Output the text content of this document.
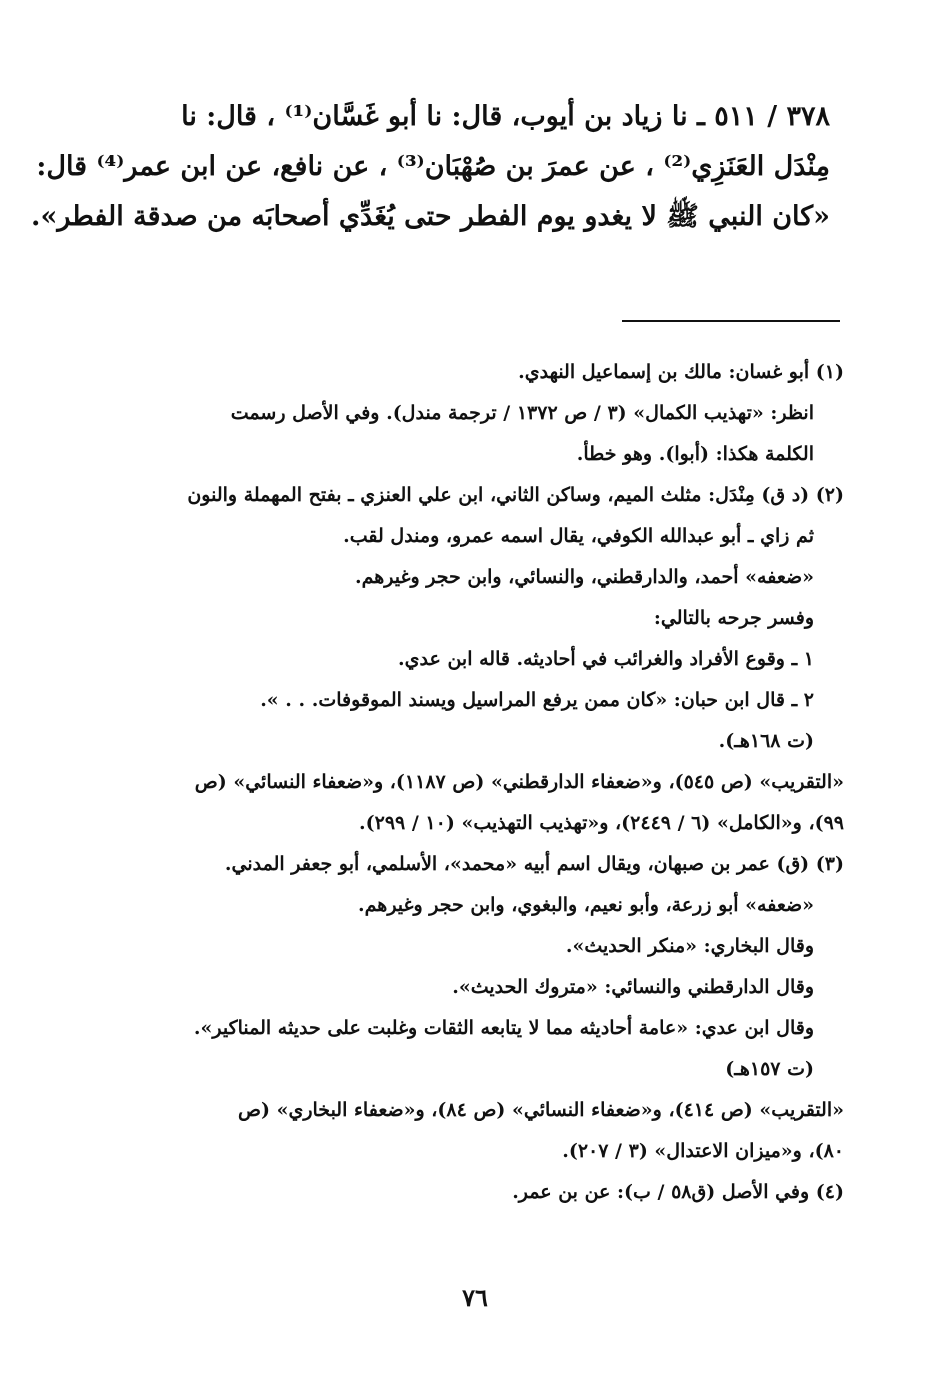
٣٧٨ / ٥١١ ـ نا زياد بن أيوب، قال: نا أبو غَسَّان⁽¹⁾ ، قال: نا
مِنْدَل العَنَزِي⁽²⁾ ، عن عمرَ بن صُهْبَان⁽³⁾ ، عن نافع، عن ابن عمر⁽⁴⁾ قال:
«كان النبي ﷺ لا يغدو يوم الفطر حتى يُغَدِّي أصحابَه من صدقة الفطر».
(١) أبو غسان: مالك بن إسماعيل النهدي.
انظر: «تهذيب الكمال» (٣ / ص ١٣٧٢ / ترجمة مندل). وفي الأصل رسمت
الكلمة هكذا: (أبوا). وهو خطأ.
(٢) (د ق) مِنْدَل: مثلث الميم، وساكن الثاني، ابن علي العنزي ـ بفتح المهملة والنون
ثم زاي ـ أبو عبدالله الكوفي، يقال اسمه عمرو، ومندل لقب.
«ضعفه» أحمد، والدارقطني، والنسائي، وابن حجر وغيرهم.
وفسر جرحه بالتالي:
١ ـ وقوع الأفراد والغرائب في أحاديثه. قاله ابن عدي.
٢ ـ قال ابن حبان: «كان ممن يرفع المراسيل ويسند الموقوفات. . . ».
(ت ١٦٨هـ).
«التقريب» (ص ٥٤٥)، و«ضعفاء الدارقطني» (ص ١١٨٧)، و«ضعفاء النسائي» (ص
٩٩)، و«الكامل» (٦ / ٢٤٤٩)، و«تهذيب التهذيب» (١٠ / ٢٩٩).
(٣) (ق) عمر بن صبهان، ويقال اسم أبيه «محمد»، الأسلمي، أبو جعفر المدني.
«ضعفه» أبو زرعة، وأبو نعيم، والبغوي، وابن حجر وغيرهم.
وقال البخاري: «منكر الحديث».
وقال الدارقطني والنسائي: «متروك الحديث».
وقال ابن عدي: «عامة أحاديثه مما لا يتابعه الثقات وغلبت على حديثه المناكير».
(ت ١٥٧هـ)
«التقريب» (ص ٤١٤)، و«ضعفاء النسائي» (ص ٨٤)، و«ضعفاء البخاري» (ص
٨٠)، و«ميزان الاعتدال» (٣ / ٢٠٧).
(٤) وفي الأصل (ق٥٨ / ب): عن بن عمر.
٧٦
